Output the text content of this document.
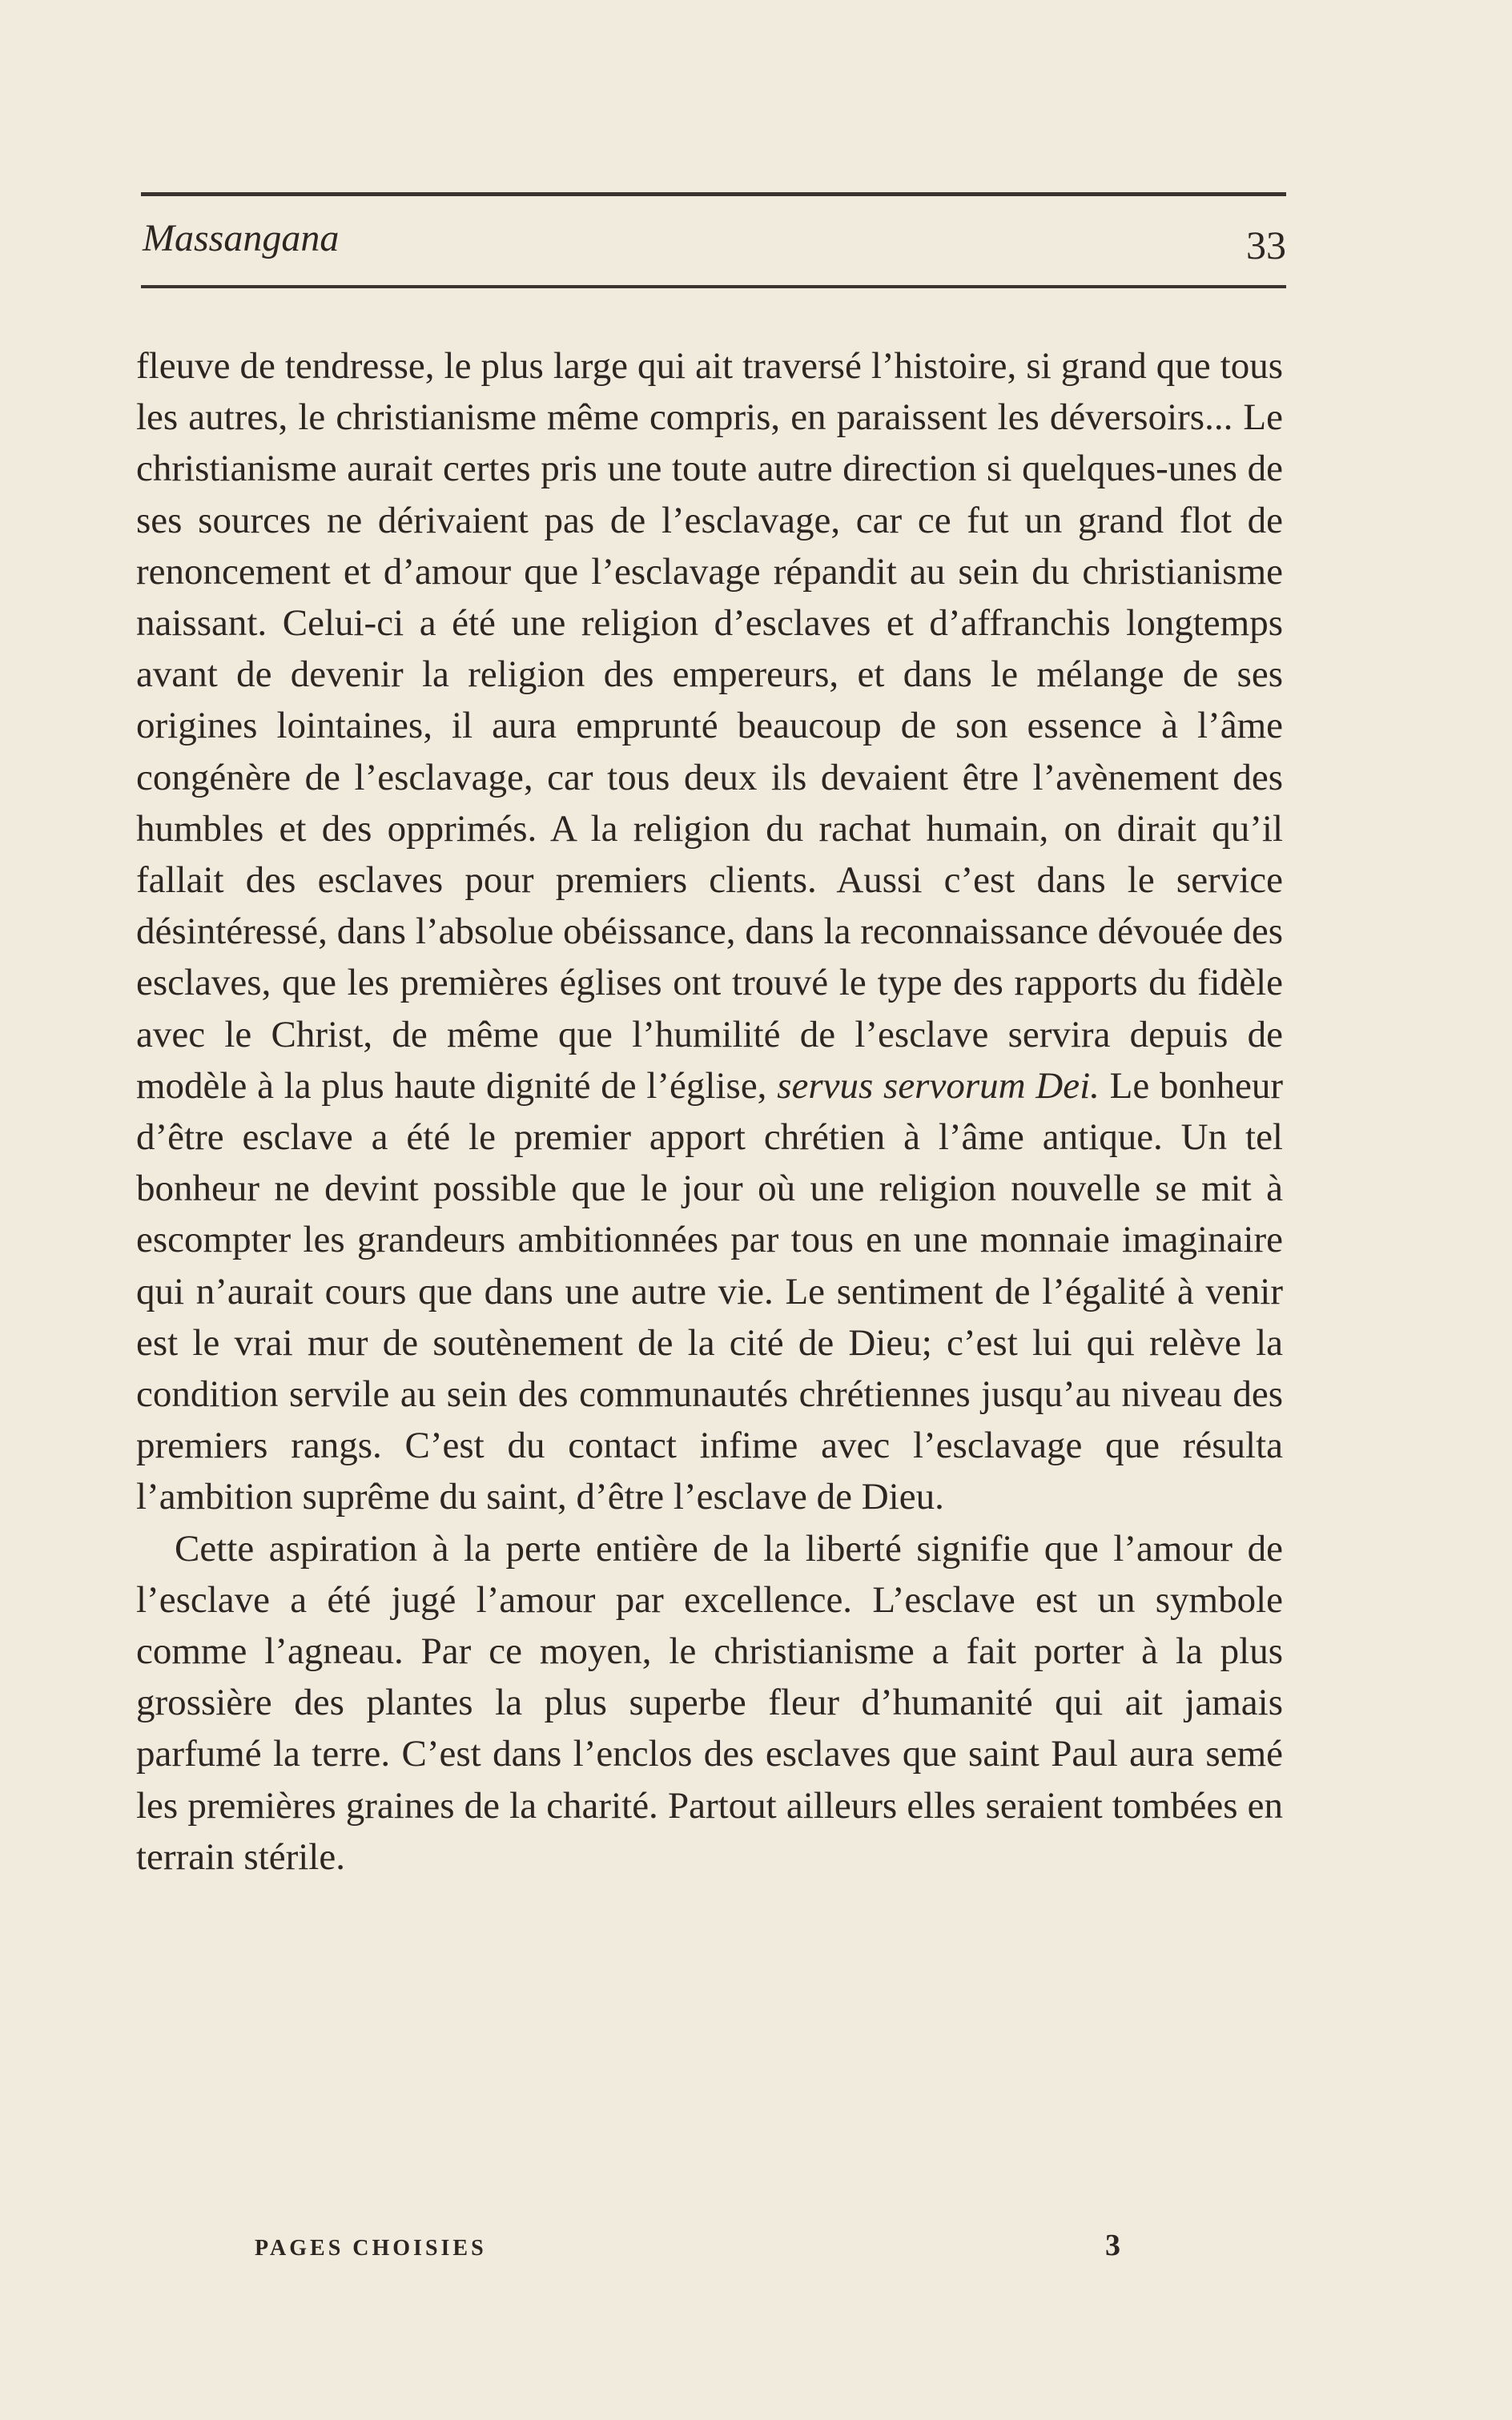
Massangana	33

fleuve de tendresse, le plus large qui ait traversé l’histoire, si grand que tous les autres, le christianisme même compris, en paraissent les déversoirs... Le christianisme aurait certes pris une toute autre direction si quelques-unes de ses sources ne dérivaient pas de l’esclavage, car ce fut un grand flot de renoncement et d’amour que l’esclavage répandit au sein du christianisme naissant. Celui-ci a été une religion d’esclaves et d’affranchis longtemps avant de devenir la religion des empereurs, et dans le mélange de ses origines lointaines, il aura emprunté beaucoup de son essence à l’âme congénère de l’esclavage, car tous deux ils devaient être l’avènement des humbles et des opprimés. A la religion du rachat humain, on dirait qu’il fallait des esclaves pour premiers clients. Aussi c’est dans le service désintéressé, dans l’absolue obéissance, dans la reconnaissance dévouée des esclaves, que les premières églises ont trouvé le type des rapports du fidèle avec le Christ, de même que l’humilité de l’esclave servira depuis de modèle à la plus haute dignité de l’église, servus servorum Dei. Le bonheur d’être esclave a été le premier apport chrétien à l’âme antique. Un tel bonheur ne devint possible que le jour où une religion nouvelle se mit à escompter les grandeurs ambitionnées par tous en une monnaie imaginaire qui n’aurait cours que dans une autre vie. Le sentiment de l’égalité à venir est le vrai mur de soutènement de la cité de Dieu; c’est lui qui relève la condition servile au sein des communautés chrétiennes jusqu’au niveau des premiers rangs. C’est du contact infime avec l’esclavage que résulta l’ambition suprême du saint, d’être l’esclave de Dieu.

Cette aspiration à la perte entière de la liberté signifie que l’amour de l’esclave a été jugé l’amour par excellence. L’esclave est un symbole comme l’agneau. Par ce moyen, le christianisme a fait porter à la plus grossière des plantes la plus superbe fleur d’humanité qui ait jamais parfumé la terre. C’est dans l’enclos des esclaves que saint Paul aura semé les premières graines de la charité. Partout ailleurs elles seraient tombées en terrain stérile.

PAGES CHOISIES	3
